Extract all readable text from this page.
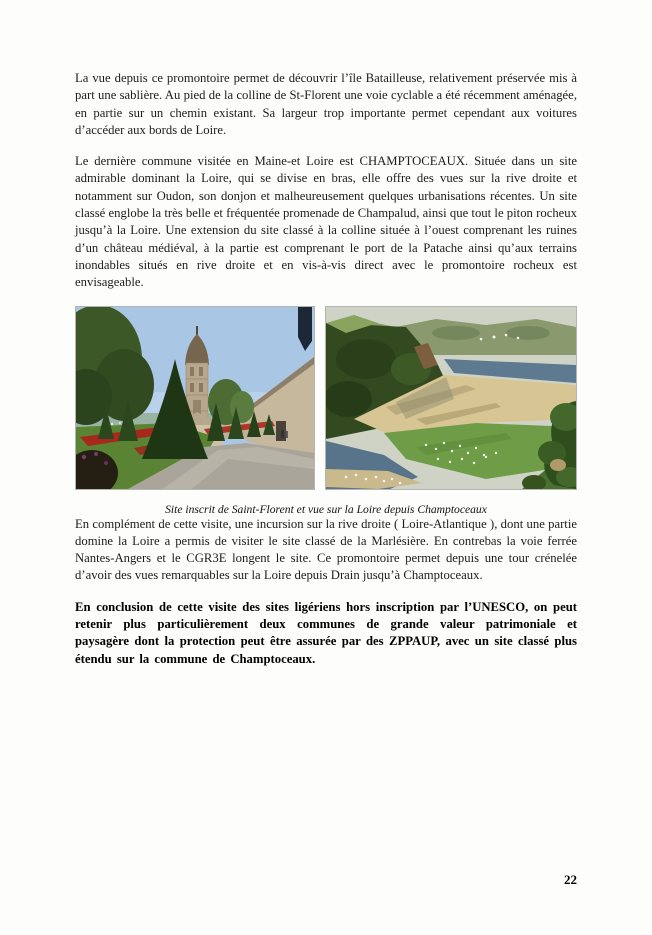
La vue depuis ce promontoire permet de découvrir l’île Batailleuse, relativement préservée mis à part une sablière. Au pied de la colline de St-Florent une voie cyclable a été récemment aménagée, en partie sur un chemin existant. Sa largeur trop importante permet cependant aux voitures d’accéder aux bords de Loire.

Le dernière commune visitée en Maine-et Loire est CHAMPTOCEAUX. Située dans un site admirable dominant la Loire, qui se divise en bras, elle offre des vues sur la rive droite et notamment sur Oudon, son donjon et malheureusement quelques urbanisations récentes. Un site classé englobe la très belle et fréquentée promenade de Champalud, ainsi que tout le piton rocheux jusqu’à la Loire. Une extension du site classé à la colline située à l’ouest comprenant les ruines d’un château médiéval, à la partie est comprenant le port de la Patache ainsi qu’aux terrains inondables situés en rive droite et en vis-à-vis direct avec le promontoire rocheux est envisageable.

Site inscrit de Saint-Florent et vue sur la Loire depuis Champtoceaux

En complément de cette visite, une incursion sur la rive droite ( Loire-Atlantique ), dont une partie domine la Loire a permis de visiter le site classé de la Marlésière. En contrebas la voie ferrée Nantes-Angers et le CGR3E longent le site. Ce promontoire permet depuis une tour crénelée d’avoir des vues remarquables sur la Loire depuis Drain jusqu’à Champtoceaux.

En conclusion de cette visite des sites ligériens hors inscription par l’UNESCO, on peut retenir plus particulièrement deux communes de grande valeur patrimoniale et paysagère dont la protection peut être assurée par des ZPPAUP, avec un site classé plus étendu sur la commune de Champtoceaux.

22
